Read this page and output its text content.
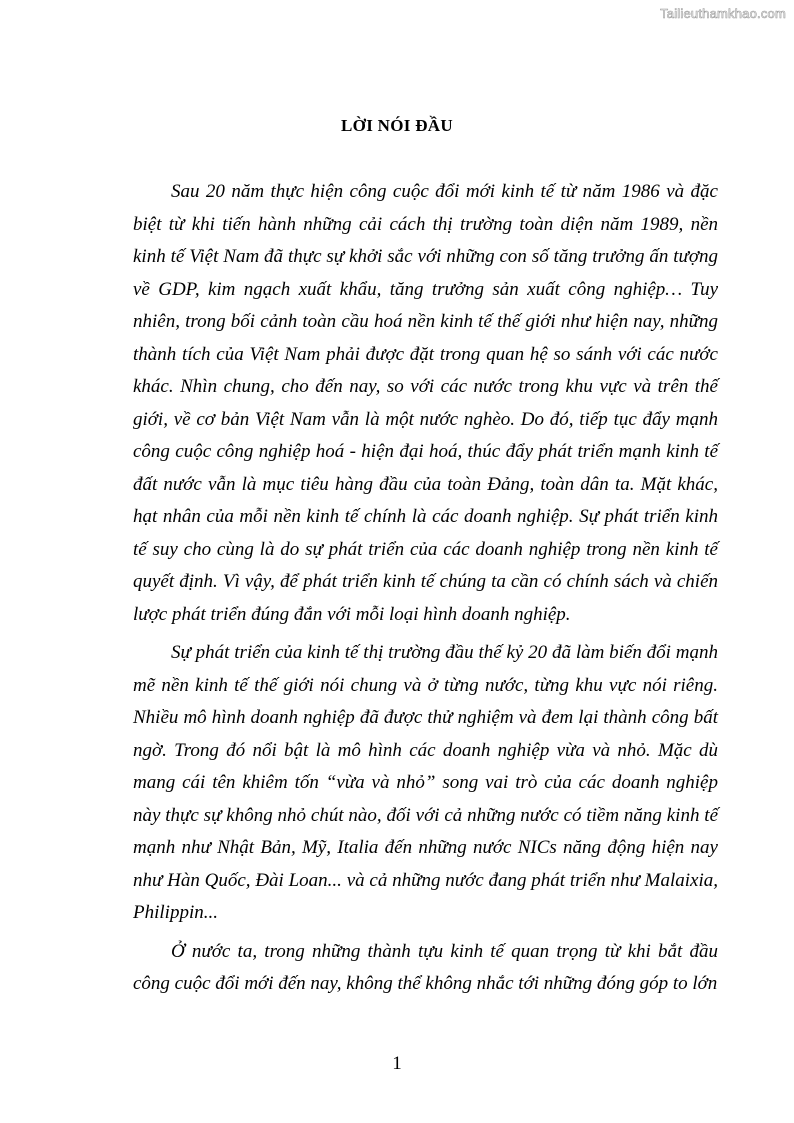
Tailieuthamkhao.com
LỜI NÓI ĐẦU

Sau 20 năm thực hiện công cuộc đổi mới kinh tế từ năm 1986 và đặc biệt từ khi tiến hành những cải cách thị trường toàn diện năm 1989, nền kinh tế Việt Nam đã thực sự khởi sắc với những con số tăng trưởng ấn tượng về GDP, kim ngạch xuất khẩu, tăng trưởng sản xuất công nghiệp… Tuy nhiên, trong bối cảnh toàn cầu hoá nền kinh tế thế giới như hiện nay, những thành tích của Việt Nam phải được đặt trong quan hệ so sánh với các nước khác. Nhìn chung, cho đến nay, so với các nước trong khu vực và trên thế giới, về cơ bản Việt Nam vẫn là một nước nghèo. Do đó, tiếp tục đẩy mạnh công cuộc công nghiệp hoá - hiện đại hoá, thúc đẩy phát triển mạnh kinh tế đất nước vẫn là mục tiêu hàng đầu của toàn Đảng, toàn dân ta. Mặt khác, hạt nhân của mỗi nền kinh tế chính là các doanh nghiệp. Sự phát triển kinh tế suy cho cùng là do sự phát triển của các doanh nghiệp trong nền kinh tế quyết định. Vì vậy, để phát triển kinh tế chúng ta cần có chính sách và chiến lược phát triển đúng đắn với mỗi loại hình doanh nghiệp.

Sự phát triển của kinh tế thị trường đầu thế kỷ 20 đã làm biến đổi mạnh mẽ nền kinh tế thế giới nói chung và ở từng nước, từng khu vực nói riêng. Nhiều mô hình doanh nghiệp đã được thử nghiệm và đem lại thành công bất ngờ. Trong đó nổi bật là mô hình các doanh nghiệp vừa và nhỏ. Mặc dù mang cái tên khiêm tốn “vừa và nhỏ” song vai trò của các doanh nghiệp này thực sự không nhỏ chút nào, đối với cả những nước có tiềm năng kinh tế mạnh như Nhật Bản, Mỹ, Italia đến những nước NICs năng động hiện nay như Hàn Quốc, Đài Loan... và cả những nước đang phát triển như Malaixia, Philippin...

Ở nước ta, trong những thành tựu kinh tế quan trọng từ khi bắt đầu công cuộc đổi mới đến nay, không thể không nhắc tới những đóng góp to lớn

1
